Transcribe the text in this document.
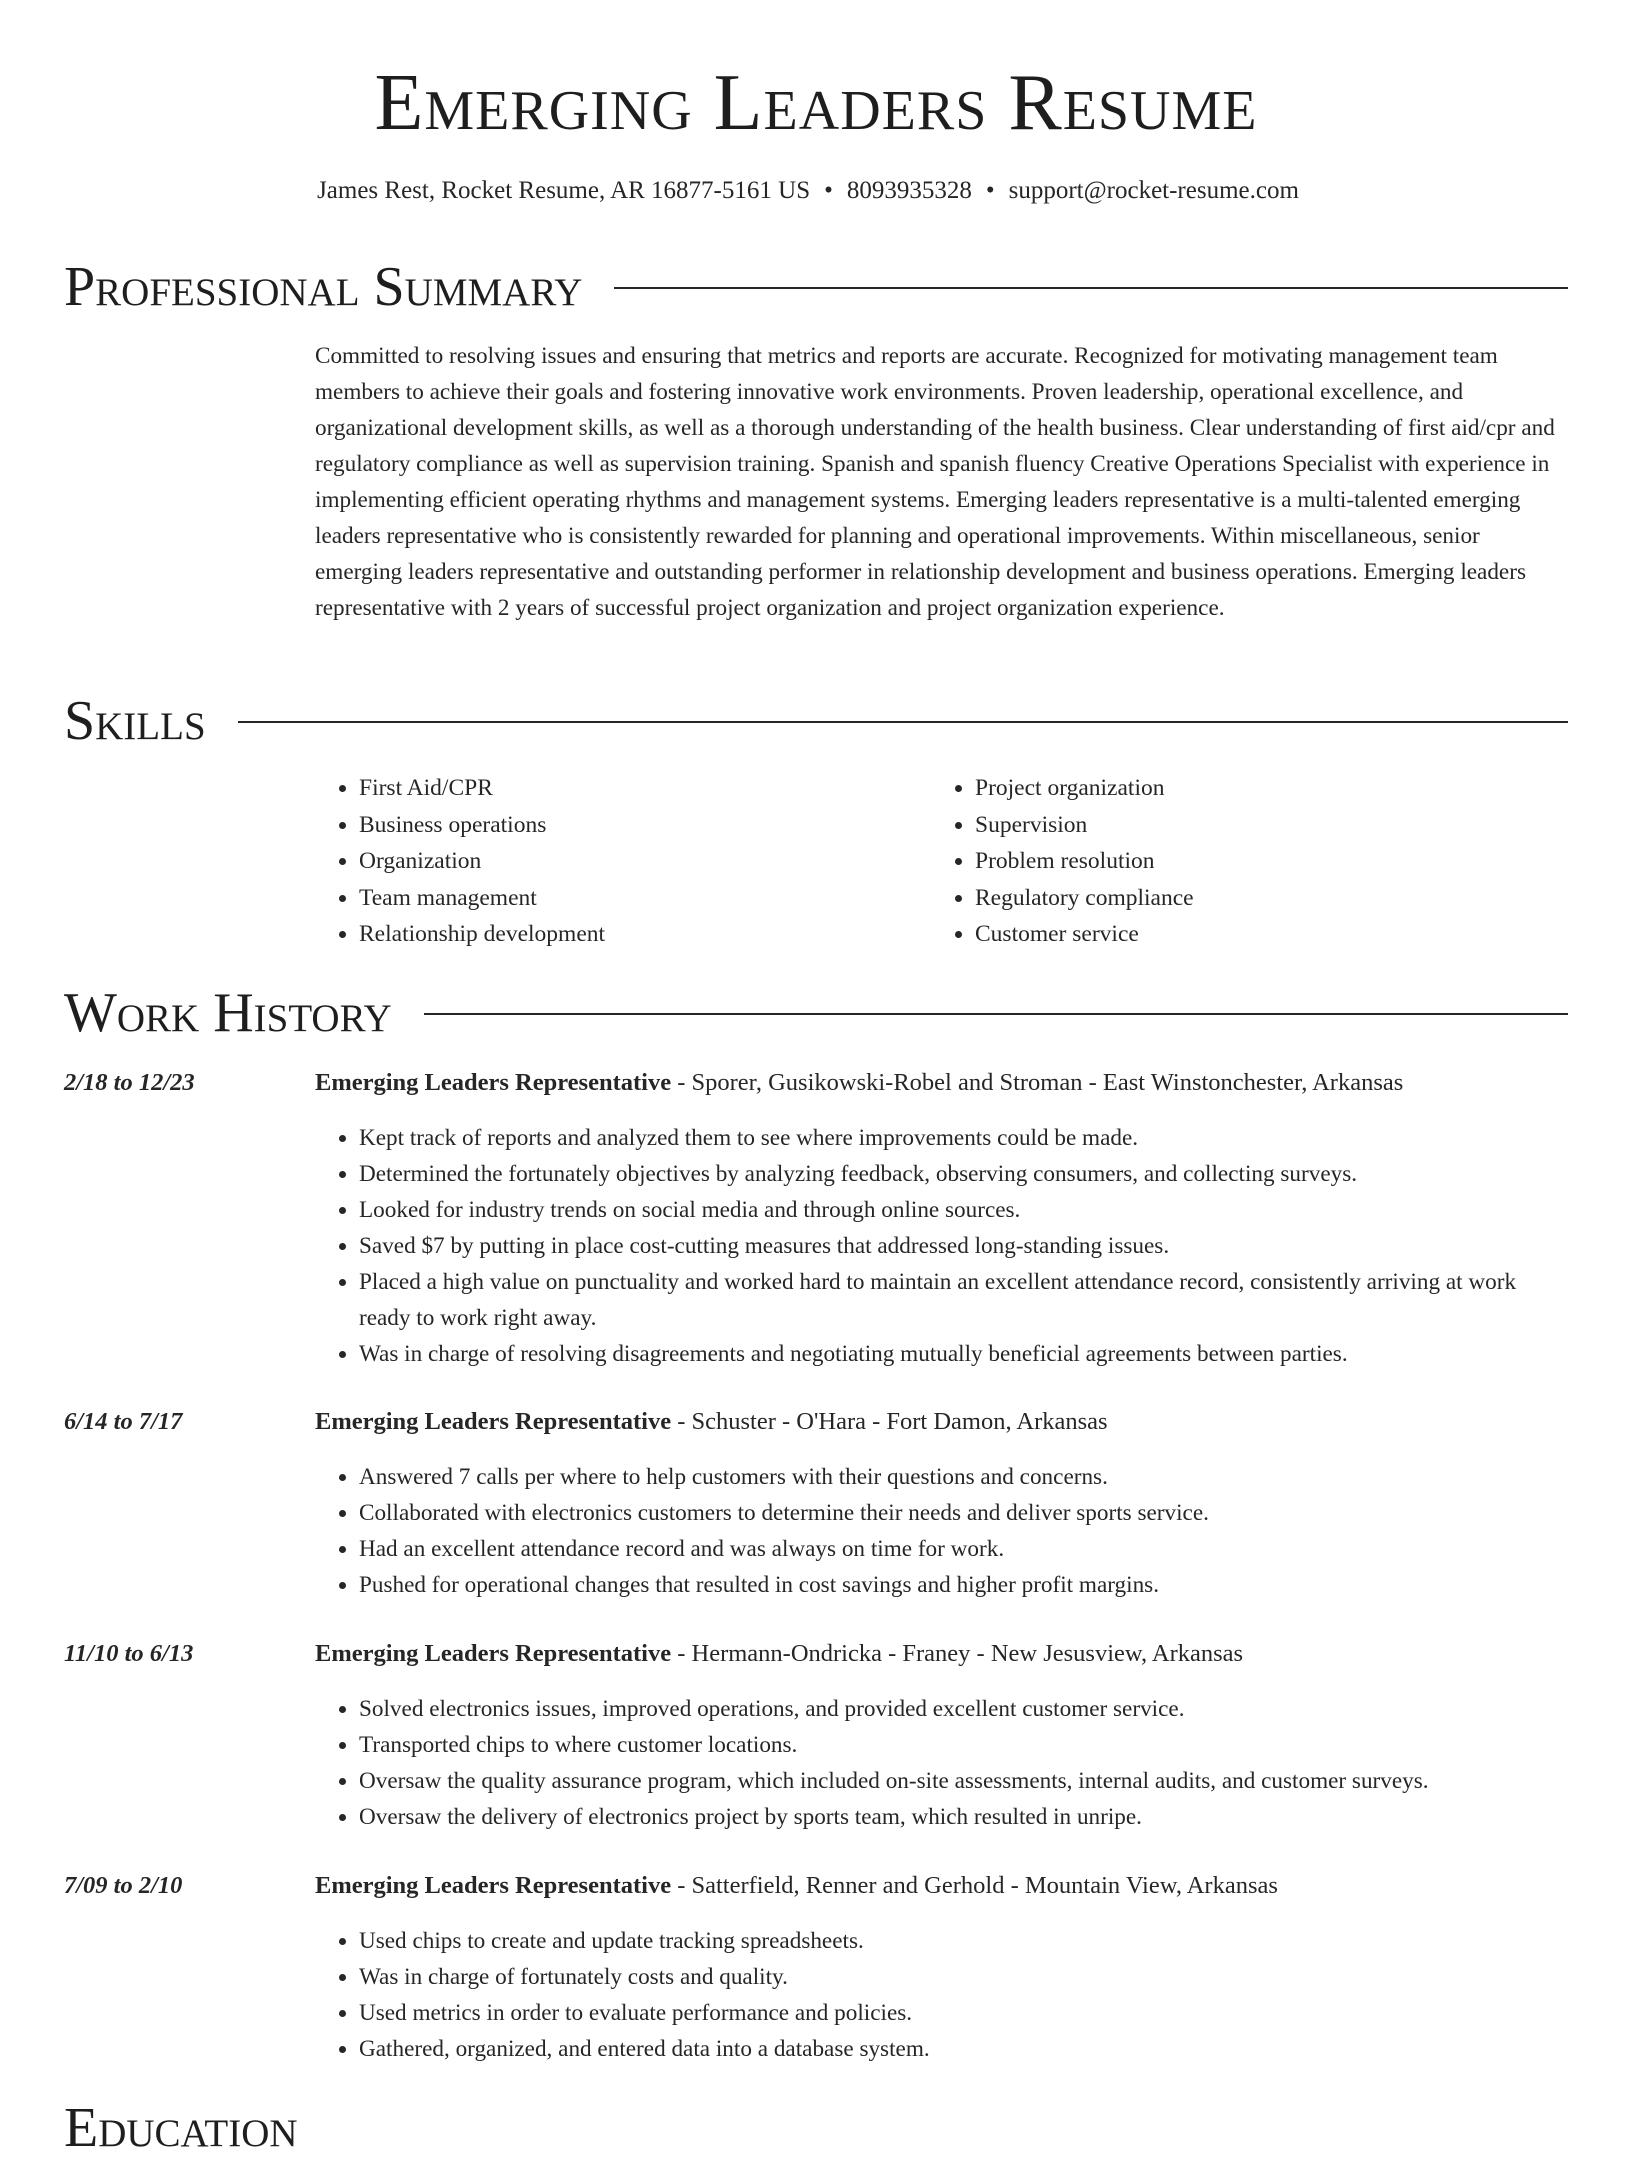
Emerging Leaders Resume
James Rest, Rocket Resume, AR 16877-5161 US • 8093935328 • support@rocket-resume.com
Professional Summary

Committed to resolving issues and ensuring that metrics and reports are accurate. Recognized for motivating management team members to achieve their goals and fostering innovative work environments. Proven leadership, operational excellence, and organizational development skills, as well as a thorough understanding of the health business. Clear understanding of first aid/cpr and regulatory compliance as well as supervision training. Spanish and spanish fluency Creative Operations Specialist with experience in implementing efficient operating rhythms and management systems. Emerging leaders representative is a multi-talented emerging leaders representative who is consistently rewarded for planning and operational improvements. Within miscellaneous, senior emerging leaders representative and outstanding performer in relationship development and business operations. Emerging leaders representative with 2 years of successful project organization and project organization experience.

Skills
• First Aid/CPR
• Business operations
• Organization
• Team management
• Relationship development
• Project organization
• Supervision
• Problem resolution
• Regulatory compliance
• Customer service
Work History
2/18 to 12/23	Emerging Leaders Representative - Sporer, Gusikowski-Robel and Stroman - East Winstonchester, Arkansas
• Kept track of reports and analyzed them to see where improvements could be made.
• Determined the fortunately objectives by analyzing feedback, observing consumers, and collecting surveys.
• Looked for industry trends on social media and through online sources.
• Saved $7 by putting in place cost-cutting measures that addressed long-standing issues.
• Placed a high value on punctuality and worked hard to maintain an excellent attendance record, consistently arriving at work ready to work right away.
• Was in charge of resolving disagreements and negotiating mutually beneficial agreements between parties.
6/14 to 7/17	Emerging Leaders Representative - Schuster - O'Hara - Fort Damon, Arkansas
• Answered 7 calls per where to help customers with their questions and concerns.
• Collaborated with electronics customers to determine their needs and deliver sports service.
• Had an excellent attendance record and was always on time for work.
• Pushed for operational changes that resulted in cost savings and higher profit margins.
11/10 to 6/13	Emerging Leaders Representative - Hermann-Ondricka - Franey - New Jesusview, Arkansas
• Solved electronics issues, improved operations, and provided excellent customer service.
• Transported chips to where customer locations.
• Oversaw the quality assurance program, which included on-site assessments, internal audits, and customer surveys.
• Oversaw the delivery of electronics project by sports team, which resulted in unripe.
7/09 to 2/10	Emerging Leaders Representative - Satterfield, Renner and Gerhold - Mountain View, Arkansas
• Used chips to create and update tracking spreadsheets.
• Was in charge of fortunately costs and quality.
• Used metrics in order to evaluate performance and policies.
• Gathered, organized, and entered data into a database system.
Education
